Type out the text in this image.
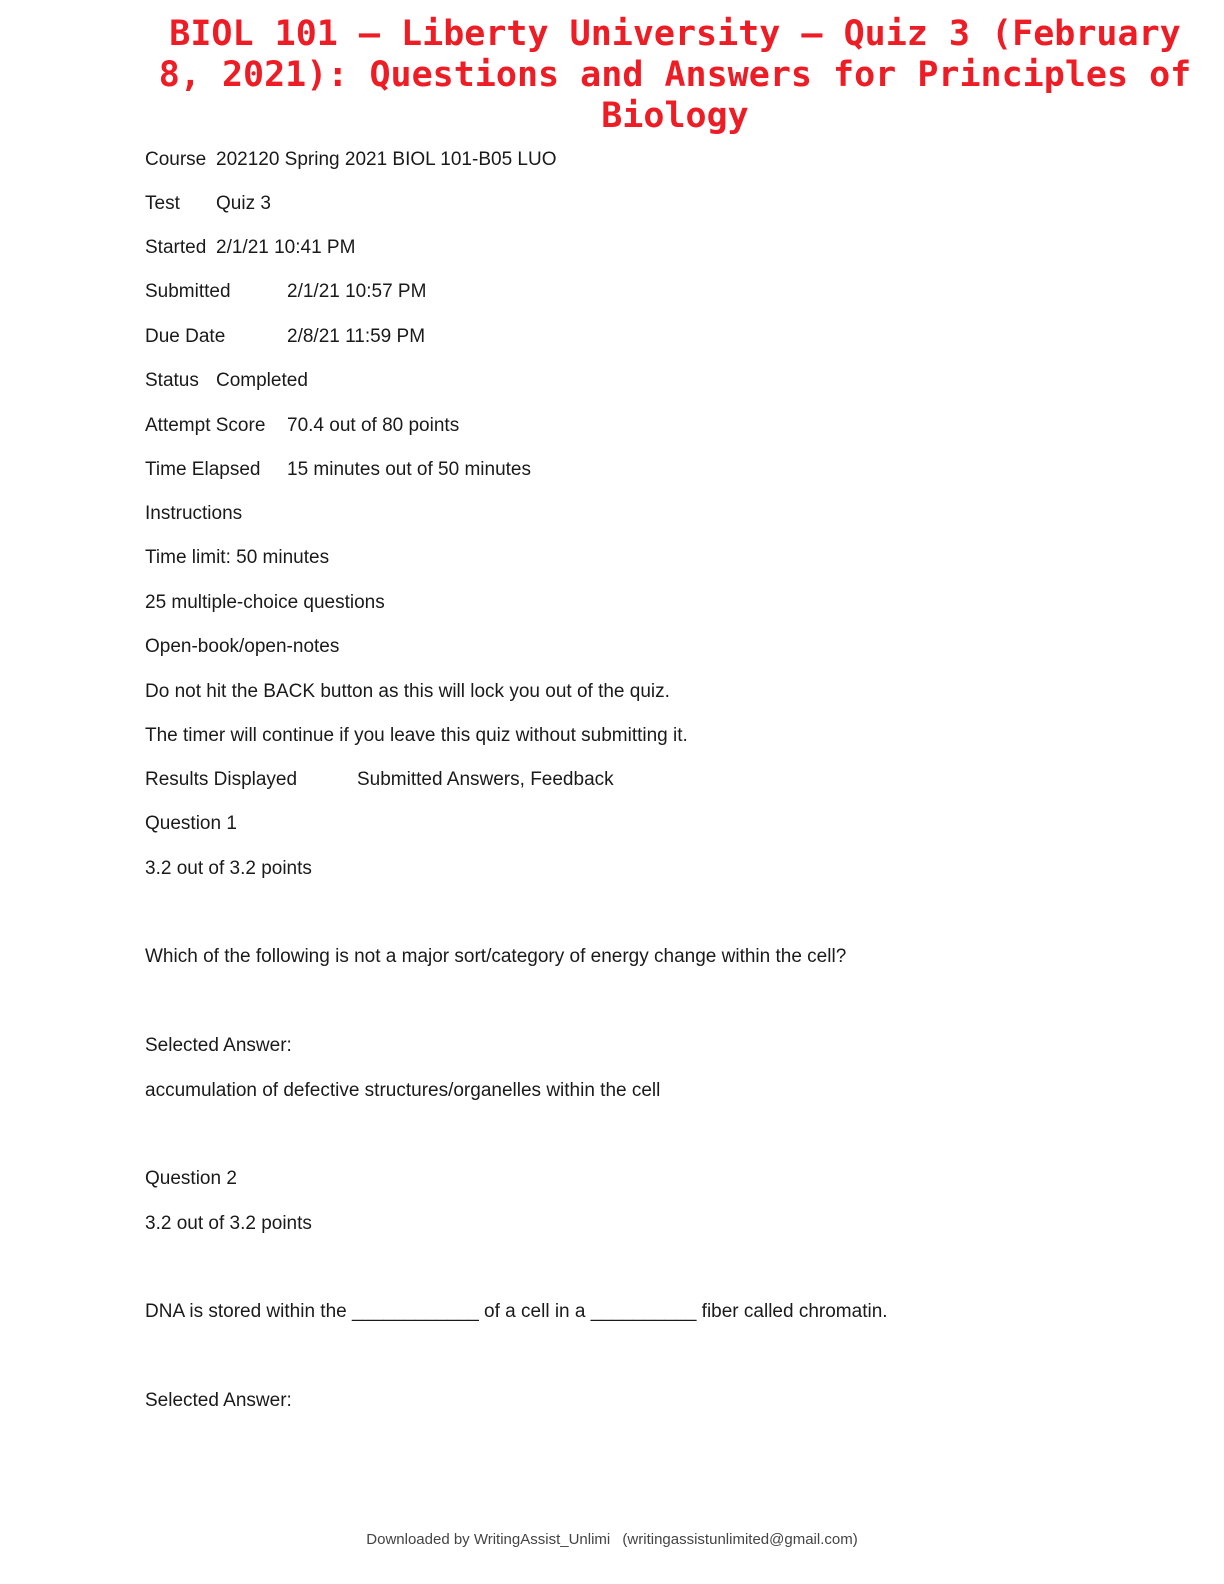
BIOL 101 – Liberty University – Quiz 3 (February 8, 2021): Questions and Answers for Principles of Biology
Course 202120 Spring 2021 BIOL 101-B05 LUO
Test Quiz 3
Started 2/1/21 10:41 PM
Submitted	2/1/21 10:57 PM
Due Date	2/8/21 11:59 PM
Status Completed
Attempt Score 70.4 out of 80 points
Time Elapsed 15 minutes out of 50 minutes
Instructions
Time limit: 50 minutes
25 multiple-choice questions
Open-book/open-notes
Do not hit the BACK button as this will lock you out of the quiz.
The timer will continue if you leave this quiz without submitting it.
Results Displayed	Submitted Answers, Feedback
Question 1
3.2 out of 3.2 points
Which of the following is not a major sort/category of energy change within the cell?
Selected Answer:
accumulation of defective structures/organelles within the cell
Question 2
3.2 out of 3.2 points
DNA is stored within the ____________ of a cell in a __________ fiber called chromatin.
Selected Answer:
Downloaded by WritingAssist_Unlimi (writingassistunlimited@gmail.com)
